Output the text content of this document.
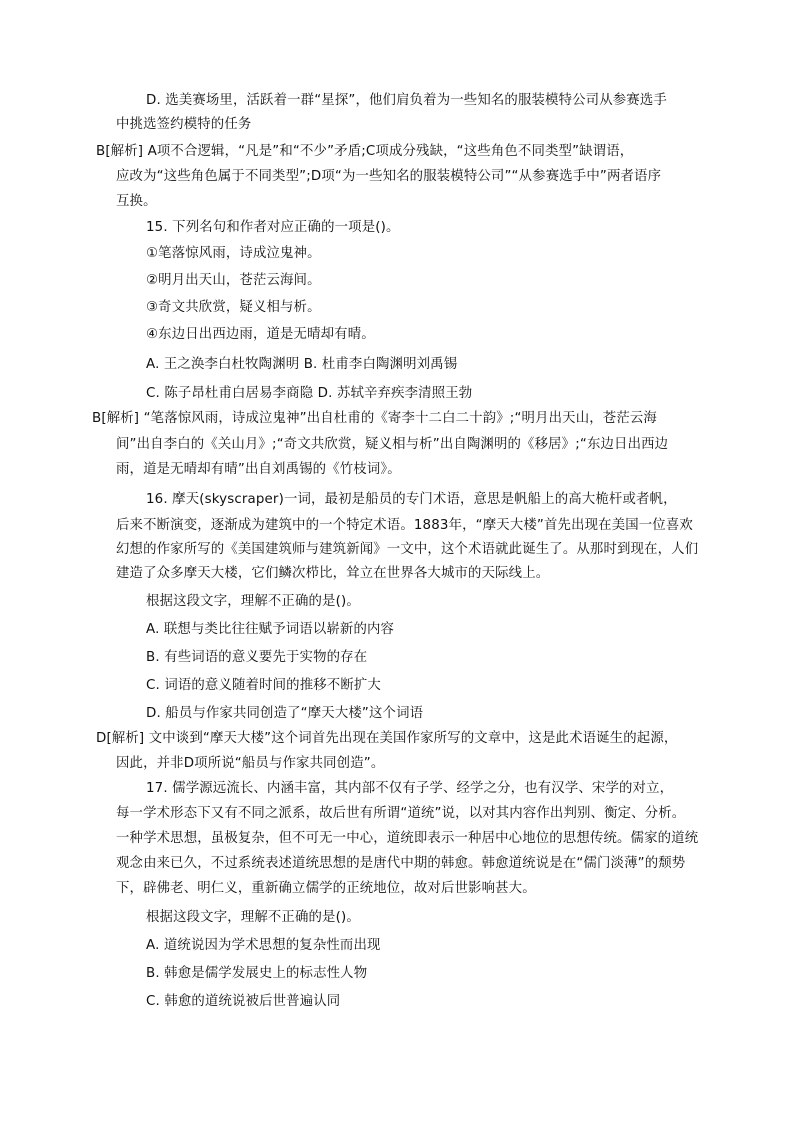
D. 选美赛场里，活跃着一群“星探”，他们肩负着为一些知名的服装模特公司从参赛选手
中挑选签约模特的任务
B[解析] A项不合逻辑，“凡是”和“不少”矛盾;C项成分残缺，“这些角色不同类型”缺谓语，
应改为“这些角色属于不同类型”;D项“为一些知名的服装模特公司”“从参赛选手中”两者语序
互换。
15. 下列名句和作者对应正确的一项是()。
①笔落惊风雨，诗成泣鬼神。
②明月出天山，苍茫云海间。
③奇文共欣赏，疑义相与析。
④东边日出西边雨，道是无晴却有晴。
A. 王之涣李白杜牧陶渊明 B. 杜甫李白陶渊明刘禹锡
C. 陈子昂杜甫白居易李商隐 D. 苏轼辛弃疾李清照王勃
B[解析] “笔落惊风雨，诗成泣鬼神”出自杜甫的《寄李十二白二十韵》;“明月出天山，苍茫云海
间”出自李白的《关山月》;“奇文共欣赏，疑义相与析”出自陶渊明的《移居》;“东边日出西边
雨，道是无晴却有晴”出自刘禹锡的《竹枝词》。
16. 摩天(skyscraper)一词，最初是船员的专门术语，意思是帆船上的高大桅杆或者帆，
后来不断演变，逐渐成为建筑中的一个特定术语。1883年，“摩天大楼”首先出现在美国一位喜欢
幻想的作家所写的《美国建筑师与建筑新闻》一文中，这个术语就此诞生了。从那时到现在，人们
建造了众多摩天大楼，它们鳞次栉比，耸立在世界各大城市的天际线上。
根据这段文字，理解不正确的是()。
A. 联想与类比往往赋予词语以崭新的内容
B. 有些词语的意义要先于实物的存在
C. 词语的意义随着时间的推移不断扩大
D. 船员与作家共同创造了“摩天大楼”这个词语
D[解析] 文中谈到“摩天大楼”这个词首先出现在美国作家所写的文章中，这是此术语诞生的起源，
因此，并非D项所说“船员与作家共同创造”。
17. 儒学源远流长、内涵丰富，其内部不仅有子学、经学之分，也有汉学、宋学的对立，
每一学术形态下又有不同之派系，故后世有所谓“道统”说，以对其内容作出判别、衡定、分析。
一种学术思想，虽极复杂，但不可无一中心，道统即表示一种居中心地位的思想传统。儒家的道统
观念由来已久，不过系统表述道统思想的是唐代中期的韩愈。韩愈道统说是在“儒门淡薄”的颓势
下，辟佛老、明仁义，重新确立儒学的正统地位，故对后世影响甚大。
根据这段文字，理解不正确的是()。
A. 道统说因为学术思想的复杂性而出现
B. 韩愈是儒学发展史上的标志性人物
C. 韩愈的道统说被后世普遍认同
